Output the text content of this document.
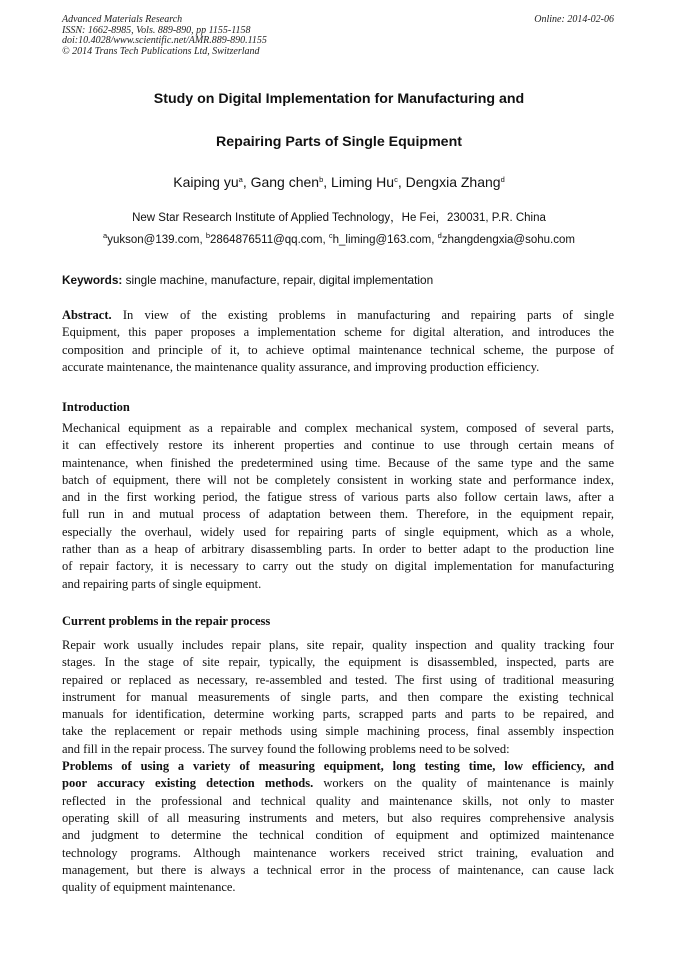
Advanced Materials Research
ISSN: 1662-8985, Vols. 889-890, pp 1155-1158
doi:10.4028/www.scientific.net/AMR.889-890.1155
© 2014 Trans Tech Publications Ltd, Switzerland
Online: 2014-02-06
Study on Digital Implementation for Manufacturing and
Repairing Parts of Single Equipment
Kaiping $yu^a$, Gang chen$^b$, Liming Hu$^c$, Dengxia Zhang$^d$
New Star Research Institute of Applied Technology，He Fei，230031, P.R. China
$^a$yukson@139.com, $^b$2864876511@qq.com, $^c$h_liming@163.com, $^d$zhangdengxia@sohu.com
Keywords: single machine, manufacture, repair, digital implementation
Abstract. In view of the existing problems in manufacturing and repairing parts of single
Equipment, this paper proposes a implementation scheme for digital alteration, and introduces the
composition and principle of it, to achieve optimal maintenance technical scheme, the purpose of
accurate maintenance, the maintenance quality assurance, and improving production efficiency.
Introduction
Mechanical equipment as a repairable and complex mechanical system, composed of several parts,
it can effectively restore its inherent properties and continue to use through certain means of
maintenance, when finished the predetermined using time. Because of the same type and the same
batch of equipment, there will not be completely consistent in working state and performance index,
and in the first working period, the fatigue stress of various parts also follow certain laws, after a
full run in and mutual process of adaptation between them. Therefore, in the equipment repair,
especially the overhaul, widely used for repairing parts of single equipment, which as a whole,
rather than as a heap of arbitrary disassembling parts. In order to better adapt to the production line
of repair factory, it is necessary to carry out the study on digital implementation for manufacturing
and repairing parts of single equipment.
Current problems in the repair process
Repair work usually includes repair plans, site repair, quality inspection and quality tracking four
stages. In the stage of site repair, typically, the equipment is disassembled, inspected, parts are
repaired or replaced as necessary, re-assembled and tested. The first using of traditional measuring
instrument for manual measurements of single parts, and then compare the existing technical
manuals for identification, determine working parts, scrapped parts and parts to be repaired, and
take the replacement or repair methods using simple machining process, final assembly inspection
and fill in the repair process. The survey found the following problems need to be solved:
Problems of using a variety of measuring equipment, long testing time, low efficiency, and
poor accuracy existing detection methods. workers on the quality of maintenance is mainly
reflected in the professional and technical quality and maintenance skills, not only to master
operating skill of all measuring instruments and meters, but also requires comprehensive analysis
and judgment to determine the technical condition of equipment and optimized maintenance
technology programs. Although maintenance workers received strict training, evaluation and
management, but there is always a technical error in the process of maintenance, can cause lack
quality of equipment maintenance.
